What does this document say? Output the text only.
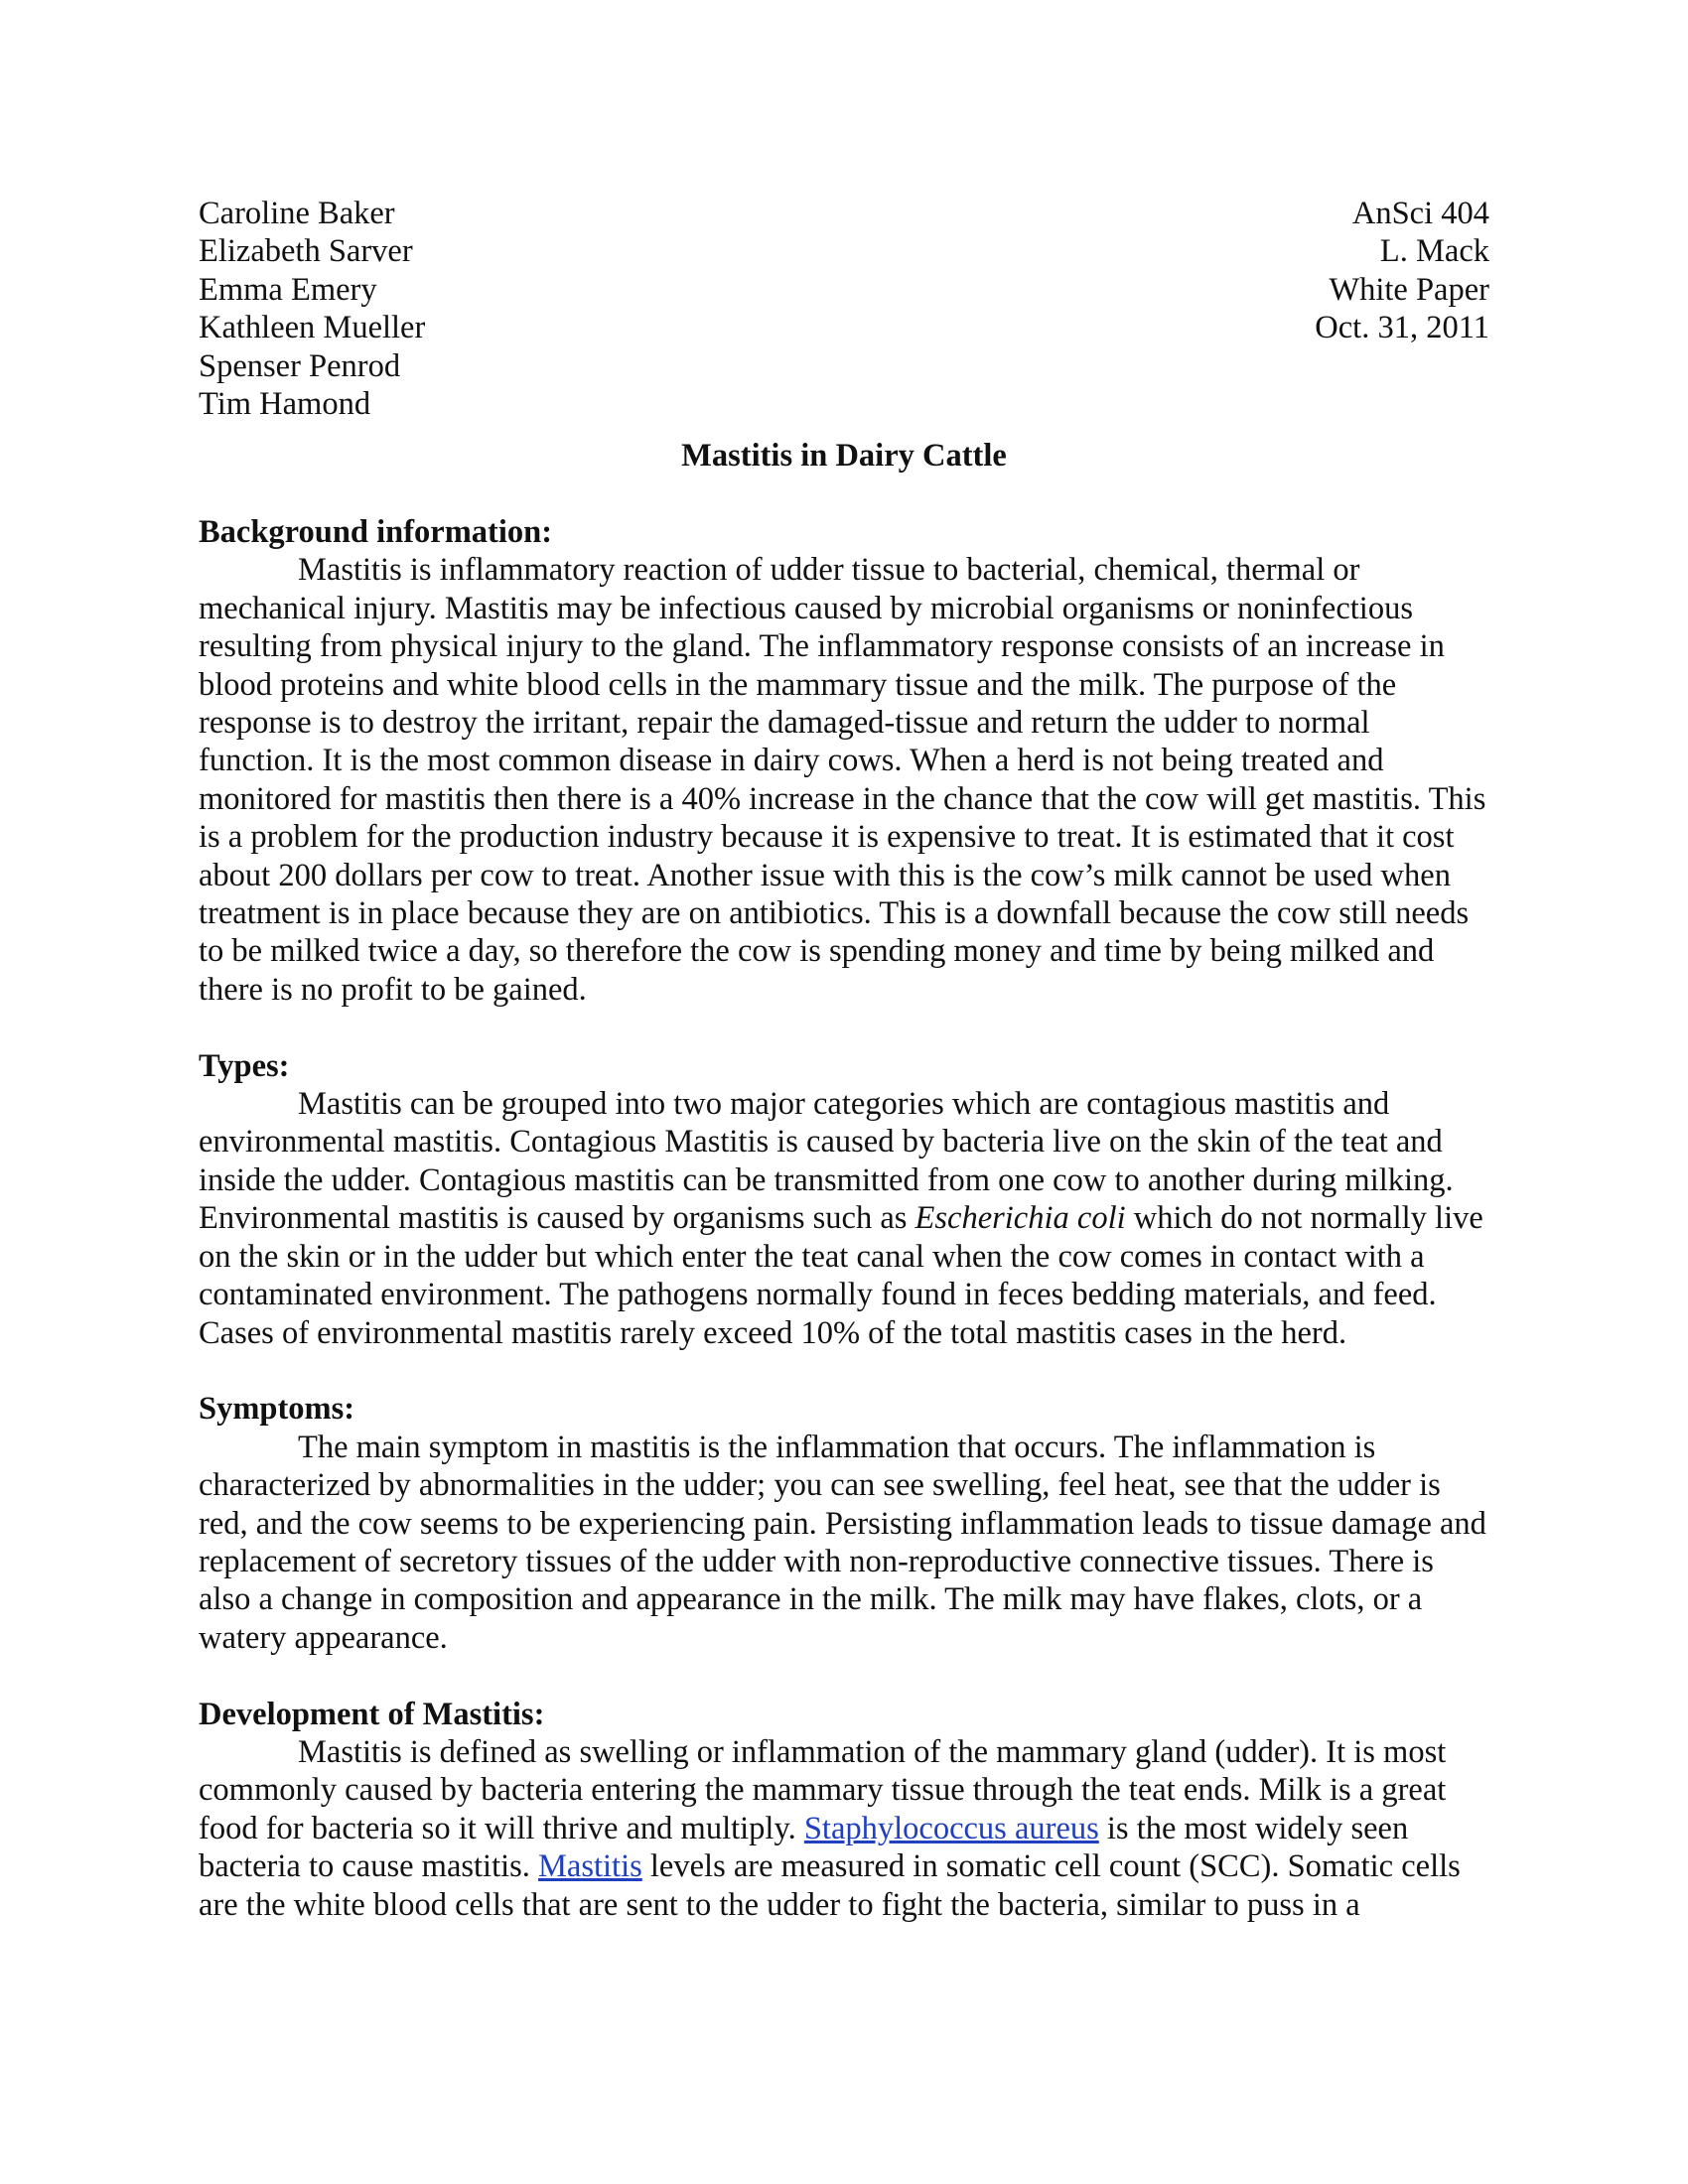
Caroline Baker
Elizabeth Sarver
Emma Emery
Kathleen Mueller
Spenser Penrod
Tim Hamond
AnSci 404
L. Mack
White Paper
Oct. 31, 2011
Mastitis in Dairy Cattle
Background information:
Mastitis is inflammatory reaction of udder tissue to bacterial, chemical, thermal or mechanical injury. Mastitis may be infectious caused by microbial organisms or noninfectious resulting from physical injury to the gland. The inflammatory response consists of an increase in blood proteins and white blood cells in the mammary tissue and the milk. The purpose of the response is to destroy the irritant, repair the damaged-tissue and return the udder to normal function. It is the most common disease in dairy cows. When a herd is not being treated and monitored for mastitis then there is a 40% increase in the chance that the cow will get mastitis. This is a problem for the production industry because it is expensive to treat. It is estimated that it cost about 200 dollars per cow to treat. Another issue with this is the cow’s milk cannot be used when treatment is in place because they are on antibiotics. This is a downfall because the cow still needs to be milked twice a day, so therefore the cow is spending money and time by being milked and there is no profit to be gained.
Types:
Mastitis can be grouped into two major categories which are contagious mastitis and environmental mastitis. Contagious Mastitis is caused by bacteria live on the skin of the teat and inside the udder. Contagious mastitis can be transmitted from one cow to another during milking. Environmental mastitis is caused by organisms such as Escherichia coli which do not normally live on the skin or in the udder but which enter the teat canal when the cow comes in contact with a contaminated environment. The pathogens normally found in feces bedding materials, and feed. Cases of environmental mastitis rarely exceed 10% of the total mastitis cases in the herd.
Symptoms:
The main symptom in mastitis is the inflammation that occurs. The inflammation is characterized by abnormalities in the udder; you can see swelling, feel heat, see that the udder is red, and the cow seems to be experiencing pain. Persisting inflammation leads to tissue damage and replacement of secretory tissues of the udder with non-reproductive connective tissues. There is also a change in composition and appearance in the milk. The milk may have flakes, clots, or a watery appearance.
Development of Mastitis:
Mastitis is defined as swelling or inflammation of the mammary gland (udder). It is most commonly caused by bacteria entering the mammary tissue through the teat ends. Milk is a great food for bacteria so it will thrive and multiply. Staphylococcus aureus is the most widely seen bacteria to cause mastitis. Mastitis levels are measured in somatic cell count (SCC). Somatic cells are the white blood cells that are sent to the udder to fight the bacteria, similar to puss in a
